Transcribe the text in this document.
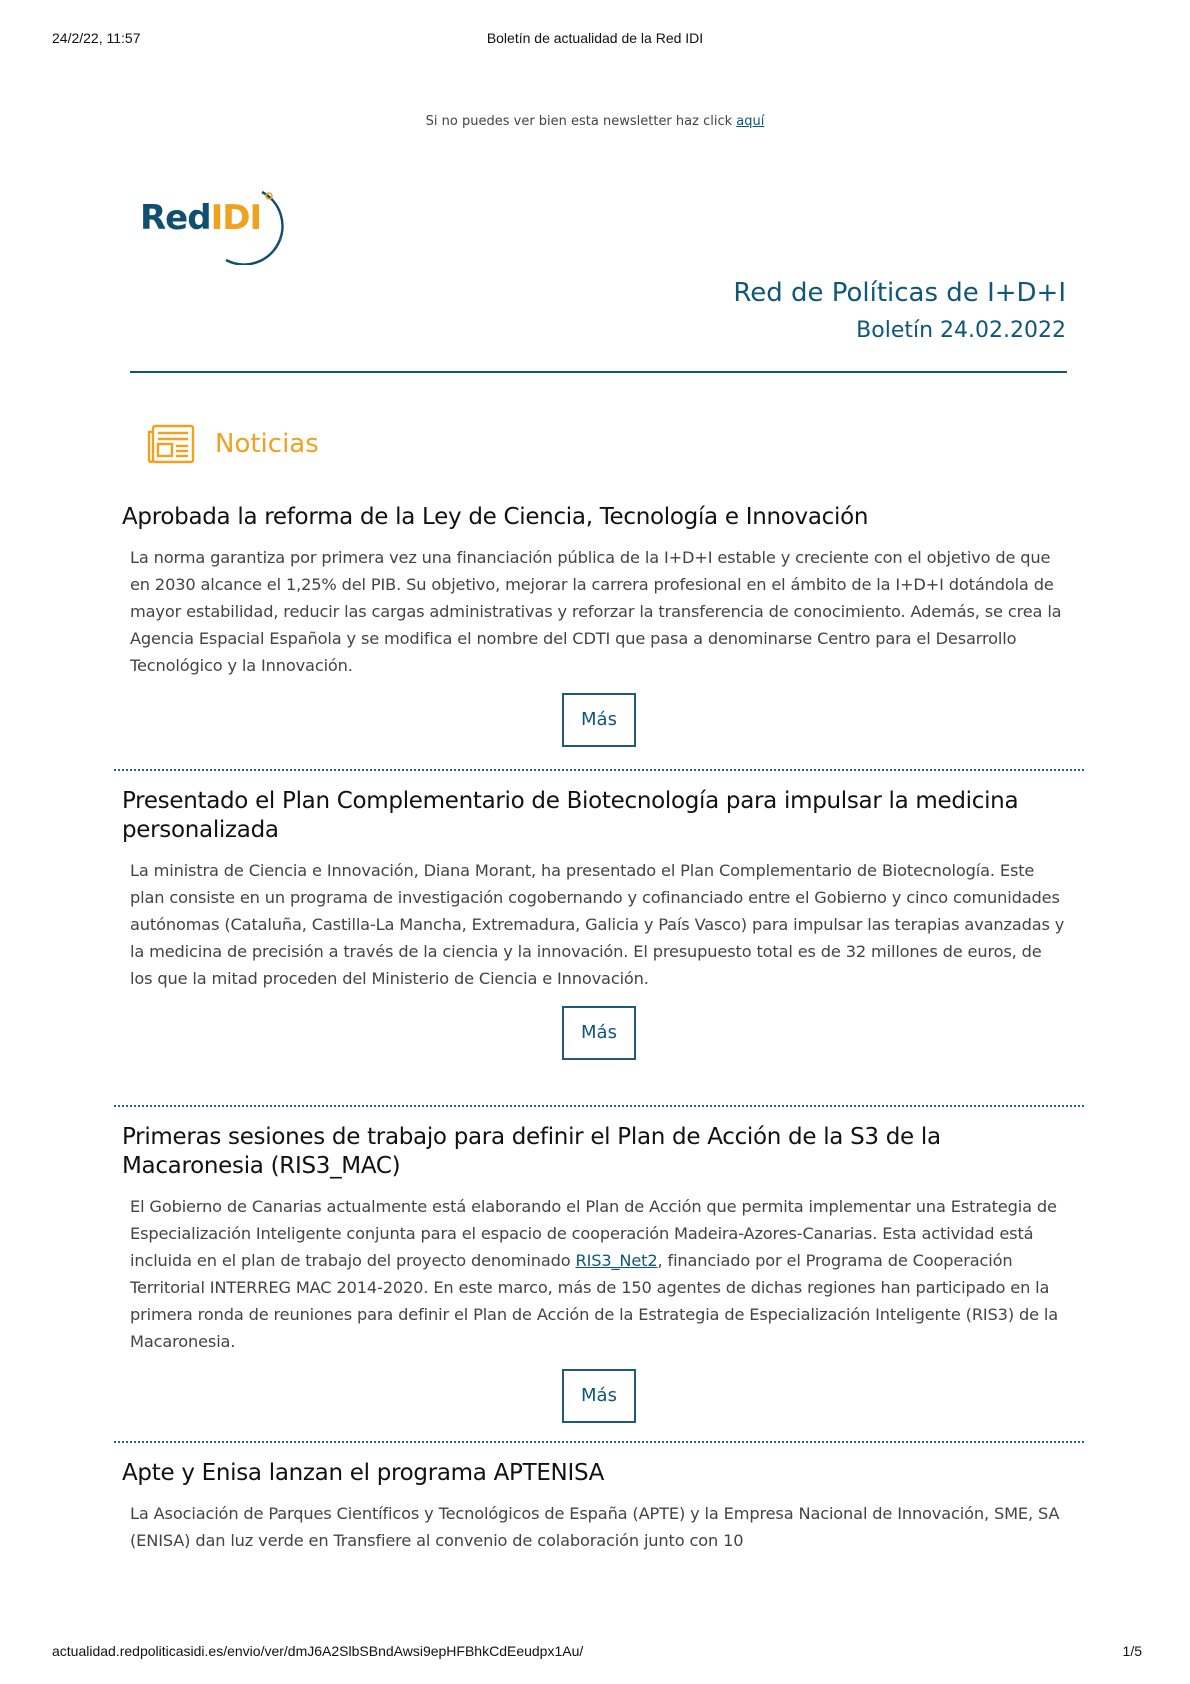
24/2/22, 11:57	Boletín de actualidad de la Red IDI
Si no puedes ver bien esta newsletter haz click aquí
RedIDI
Red de Políticas de I+D+I
Boletín 24.02.2022
Noticias
Aprobada la reforma de la Ley de Ciencia, Tecnología e Innovación

La norma garantiza por primera vez una financiación pública de la I+D+I estable y creciente con el objetivo de que en 2030 alcance el 1,25% del PIB. Su objetivo, mejorar la carrera profesional en el ámbito de la I+D+I dotándola de mayor estabilidad, reducir las cargas administrativas y reforzar la transferencia de conocimiento. Además, se crea la Agencia Espacial Española y se modifica el nombre del CDTI que pasa a denominarse Centro para el Desarrollo Tecnológico y la Innovación.

Más
Presentado el Plan Complementario de Biotecnología para impulsar la medicina personalizada

La ministra de Ciencia e Innovación, Diana Morant, ha presentado el Plan Complementario de Biotecnología. Este plan consiste en un programa de investigación cogobernando y cofinanciado entre el Gobierno y cinco comunidades autónomas (Cataluña, Castilla-La Mancha, Extremadura, Galicia y País Vasco) para impulsar las terapias avanzadas y la medicina de precisión a través de la ciencia y la innovación. El presupuesto total es de 32 millones de euros, de los que la mitad proceden del Ministerio de Ciencia e Innovación.

Más
Primeras sesiones de trabajo para definir el Plan de Acción de la S3 de la Macaronesia (RIS3_MAC)

El Gobierno de Canarias actualmente está elaborando el Plan de Acción que permita implementar una Estrategia de Especialización Inteligente conjunta para el espacio de cooperación Madeira-Azores-Canarias. Esta actividad está incluida en el plan de trabajo del proyecto denominado RIS3_Net2, financiado por el Programa de Cooperación Territorial INTERREG MAC 2014-2020. En este marco, más de 150 agentes de dichas regiones han participado en la primera ronda de reuniones para definir el Plan de Acción de la Estrategia de Especialización Inteligente (RIS3) de la Macaronesia.

Más
Apte y Enisa lanzan el programa APTENISA

La Asociación de Parques Científicos y Tecnológicos de España (APTE) y la Empresa Nacional de Innovación, SME, SA (ENISA) dan luz verde en Transfiere al convenio de colaboración junto con 10

actualidad.redpoliticasidi.es/envio/ver/dmJ6A2SlbSBndAwsi9epHFBhkCdEeudpx1Au/	1/5
